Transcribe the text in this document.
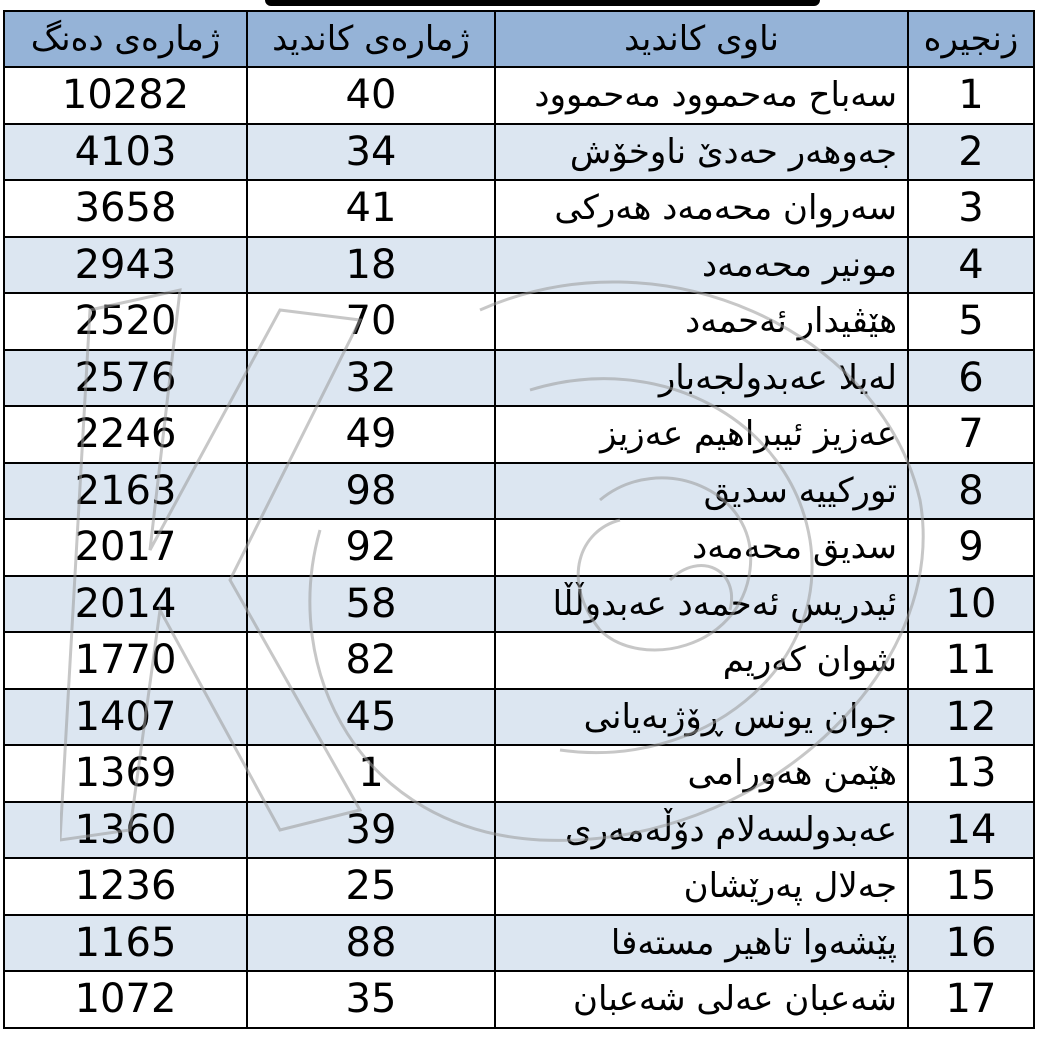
ژمارەی دەنگ	ژمارەی کاندید	ناوی کاندید	زنجیرە
10282	40	سەباح مەحموود مەحموود	1
4103	34	جەوهەر حەدێ ناوخۆش	2
3658	41	سەروان محەمەد هەرکی	3
2943	18	مونیر محەمەد	4
2520	70	هێڤیدار ئەحمەد	5
2576	32	لەیلا عەبدولجەبار	6
2246	49	عەزیز ئیبراهیم عەزیز	7
2163	98	تورکییە سدیق	8
2017	92	سدیق محەمەد	9
2014	58	ئیدریس ئەحمەد عەبدوڵڵا	10
1770	82	شوان کەریم	11
1407	45	جوان یونس ڕۆژبەیانی	12
1369	1	هێمن هەورامی	13
1360	39	عەبدولسەلام دۆڵەمەری	14
1236	25	جەلال پەرێشان	15
1165	88	پێشەوا تاهیر مستەفا	16
1072	35	شەعبان عەلی شەعبان	17
